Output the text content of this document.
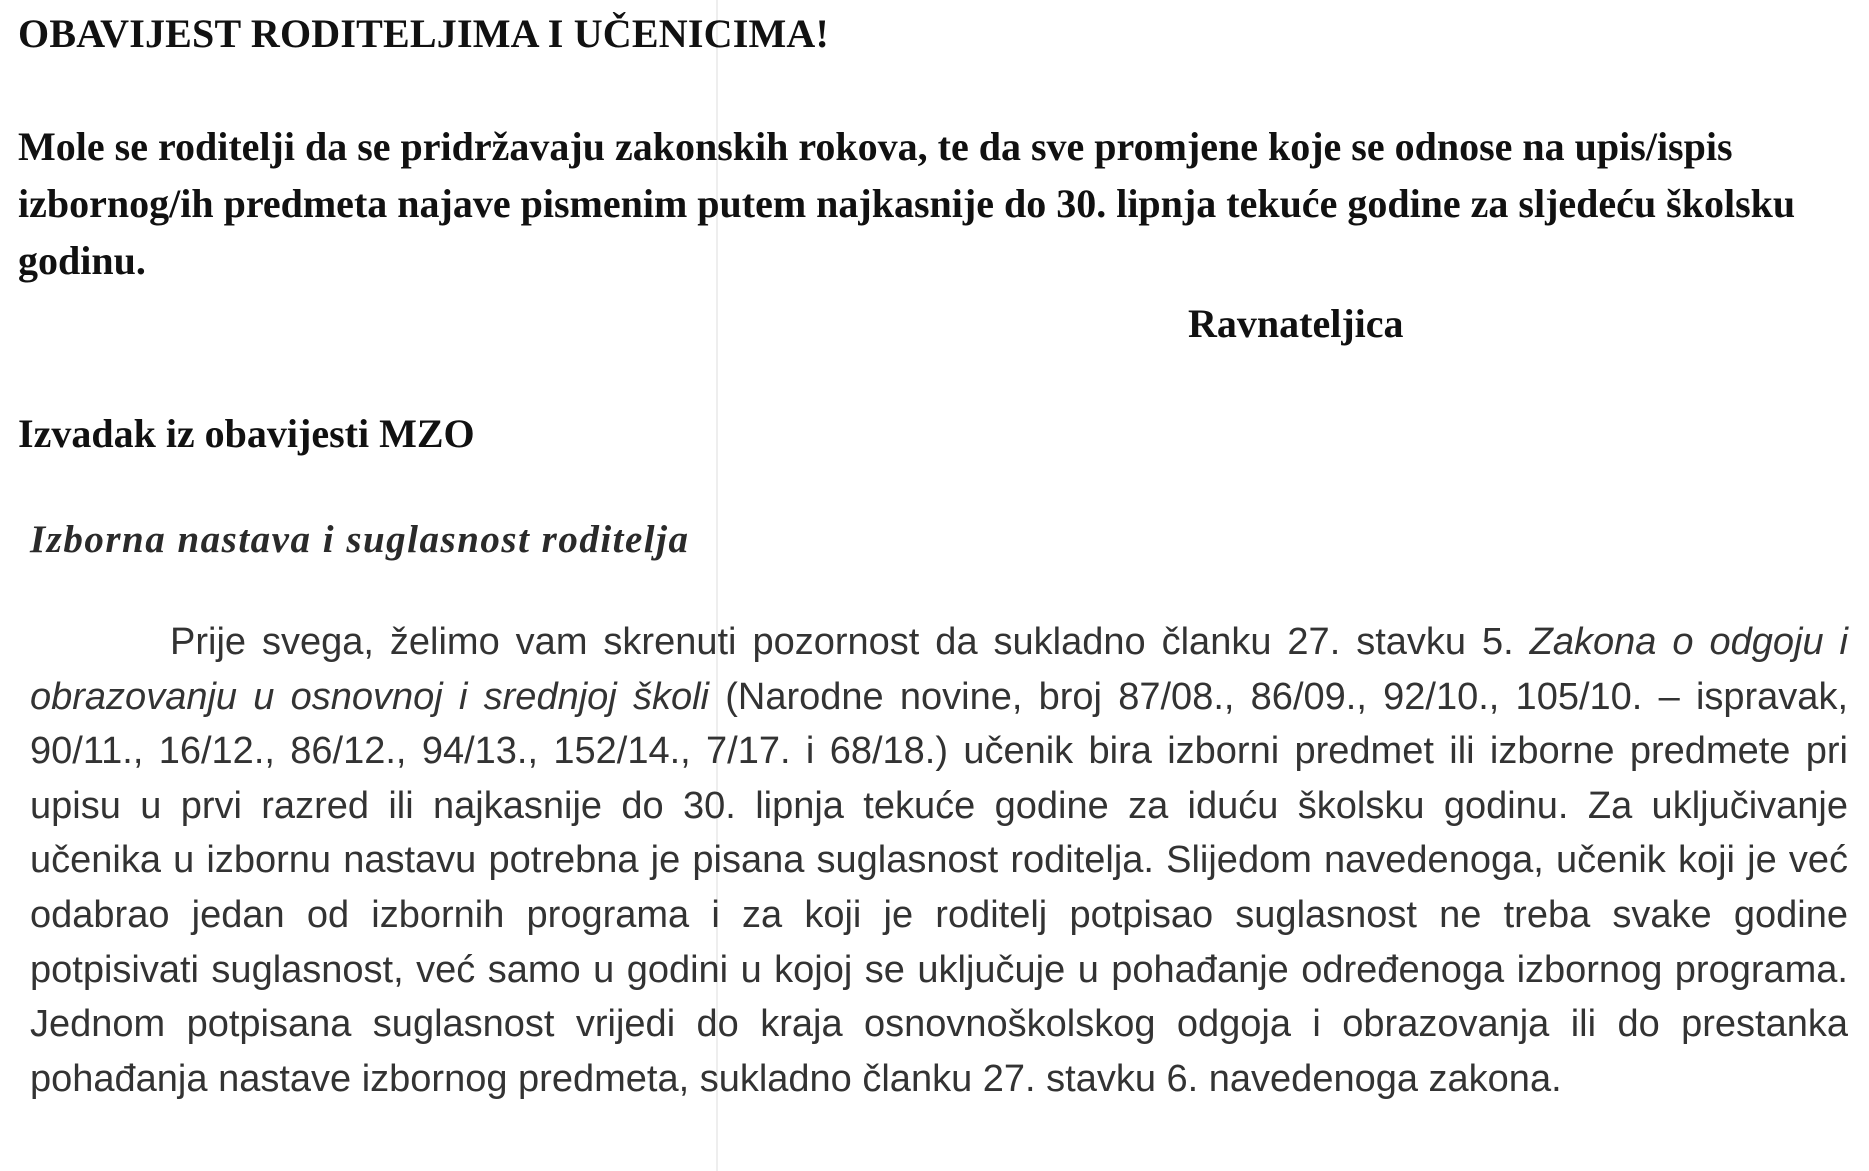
OBAVIJEST RODITELJIMA I UČENICIMA!

Mole se roditelji da se pridržavaju zakonskih rokova, te da sve promjene koje se odnose na upis/ispis izbornog/ih predmeta najave pismenim putem najkasnije do 30. lipnja tekuće godine za sljedeću školsku godinu.

Ravnateljica

Izvadak iz obavijesti MZO
Izborna nastava i suglasnost roditelja

Prije svega, želimo vam skrenuti pozornost da sukladno članku 27. stavku 5. Zakona o odgoju i obrazovanju u osnovnoj i srednjoj školi (Narodne novine, broj 87/08., 86/09., 92/10., 105/10. – ispravak, 90/11., 16/12., 86/12., 94/13., 152/14., 7/17. i 68/18.) učenik bira izborni predmet ili izborne predmete pri upisu u prvi razred ili najkasnije do 30. lipnja tekuće godine za iduću školsku godinu. Za uključivanje učenika u izbornu nastavu potrebna je pisana suglasnost roditelja. Slijedom navedenoga, učenik koji je već odabrao jedan od izbornih programa i za koji je roditelj potpisao suglasnost ne treba svake godine potpisivati suglasnost, već samo u godini u kojoj se uključuje u pohađanje određenoga izbornog programa. Jednom potpisana suglasnost vrijedi do kraja osnovnoškolskog odgoja i obrazovanja ili do prestanka pohađanja nastave izbornog predmeta, sukladno članku 27. stavku 6. navedenoga zakona.
